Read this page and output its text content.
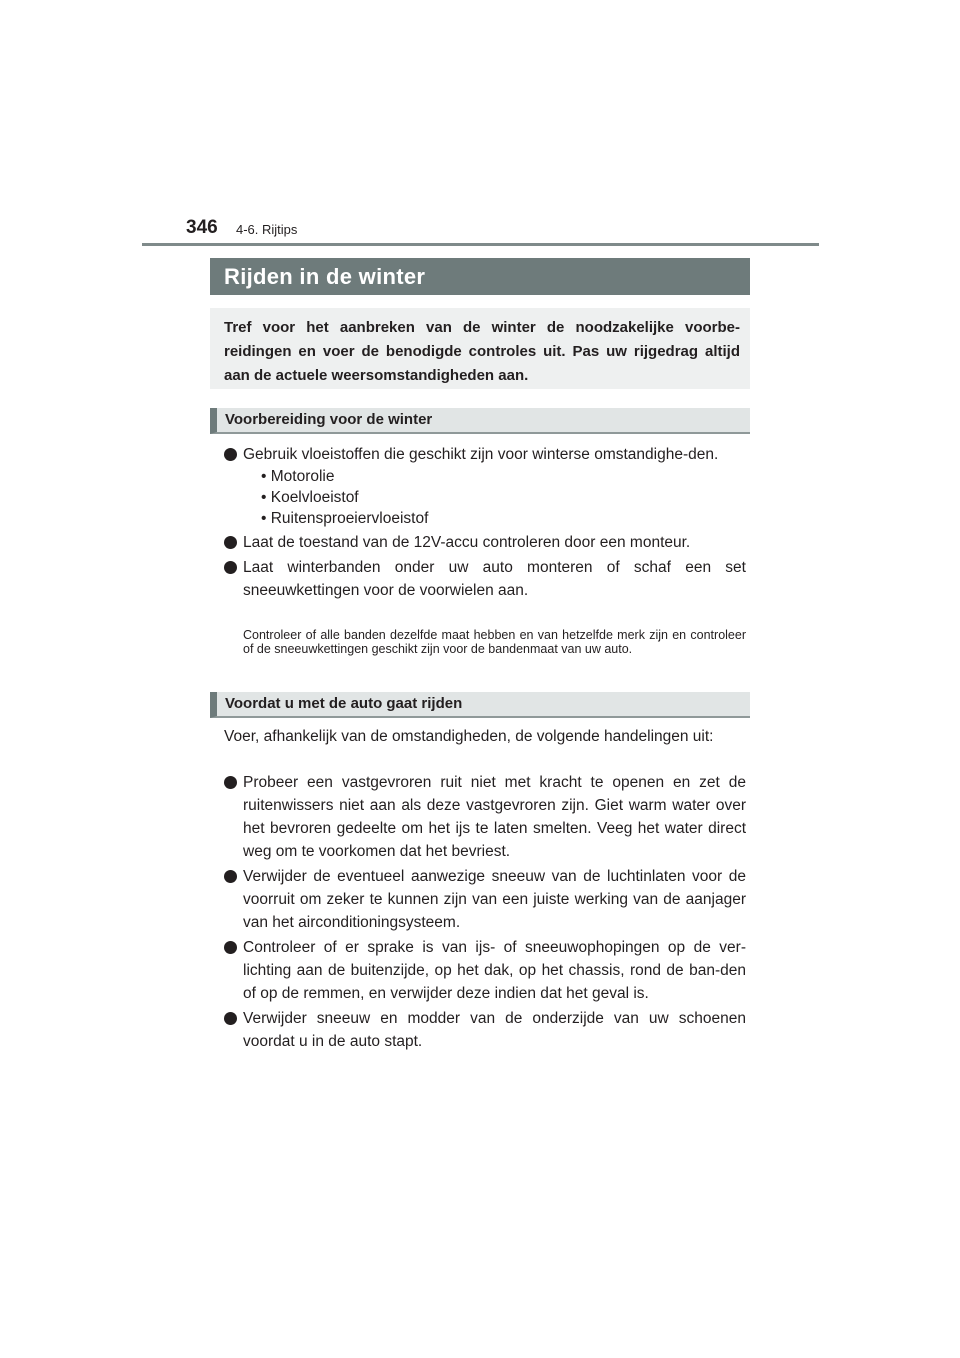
346 4-6. Rijtips
Rijden in de winter
Tref voor het aanbreken van de winter de noodzakelijke voorbe-reidingen en voer de benodigde controles uit. Pas uw rijgedrag altijd aan de actuele weersomstandigheden aan.
Voorbereiding voor de winter
Gebruik vloeistoffen die geschikt zijn voor winterse omstandighe-den.
• Motorolie
• Koelvloeistof
• Ruitensproeiervloeistof
Laat de toestand van de 12V-accu controleren door een monteur.
Laat winterbanden onder uw auto monteren of schaf een set sneeuwkettingen voor de voorwielen aan.
Controleer of alle banden dezelfde maat hebben en van hetzelfde merk zijn en controleer of de sneeuwkettingen geschikt zijn voor de bandenmaat van uw auto.
Voordat u met de auto gaat rijden
Voer, afhankelijk van de omstandigheden, de volgende handelingen uit:
Probeer een vastgevroren ruit niet met kracht te openen en zet de ruitenwissers niet aan als deze vastgevroren zijn. Giet warm water over het bevroren gedeelte om het ijs te laten smelten. Veeg het water direct weg om te voorkomen dat het bevriest.
Verwijder de eventueel aanwezige sneeuw van de luchtinlaten voor de voorruit om zeker te kunnen zijn van een juiste werking van de aanjager van het airconditioningsysteem.
Controleer of er sprake is van ijs- of sneeuwophopingen op de ver-lichting aan de buitenzijde, op het dak, op het chassis, rond de ban-den of op de remmen, en verwijder deze indien dat het geval is.
Verwijder sneeuw en modder van de onderzijde van uw schoenen voordat u in de auto stapt.
